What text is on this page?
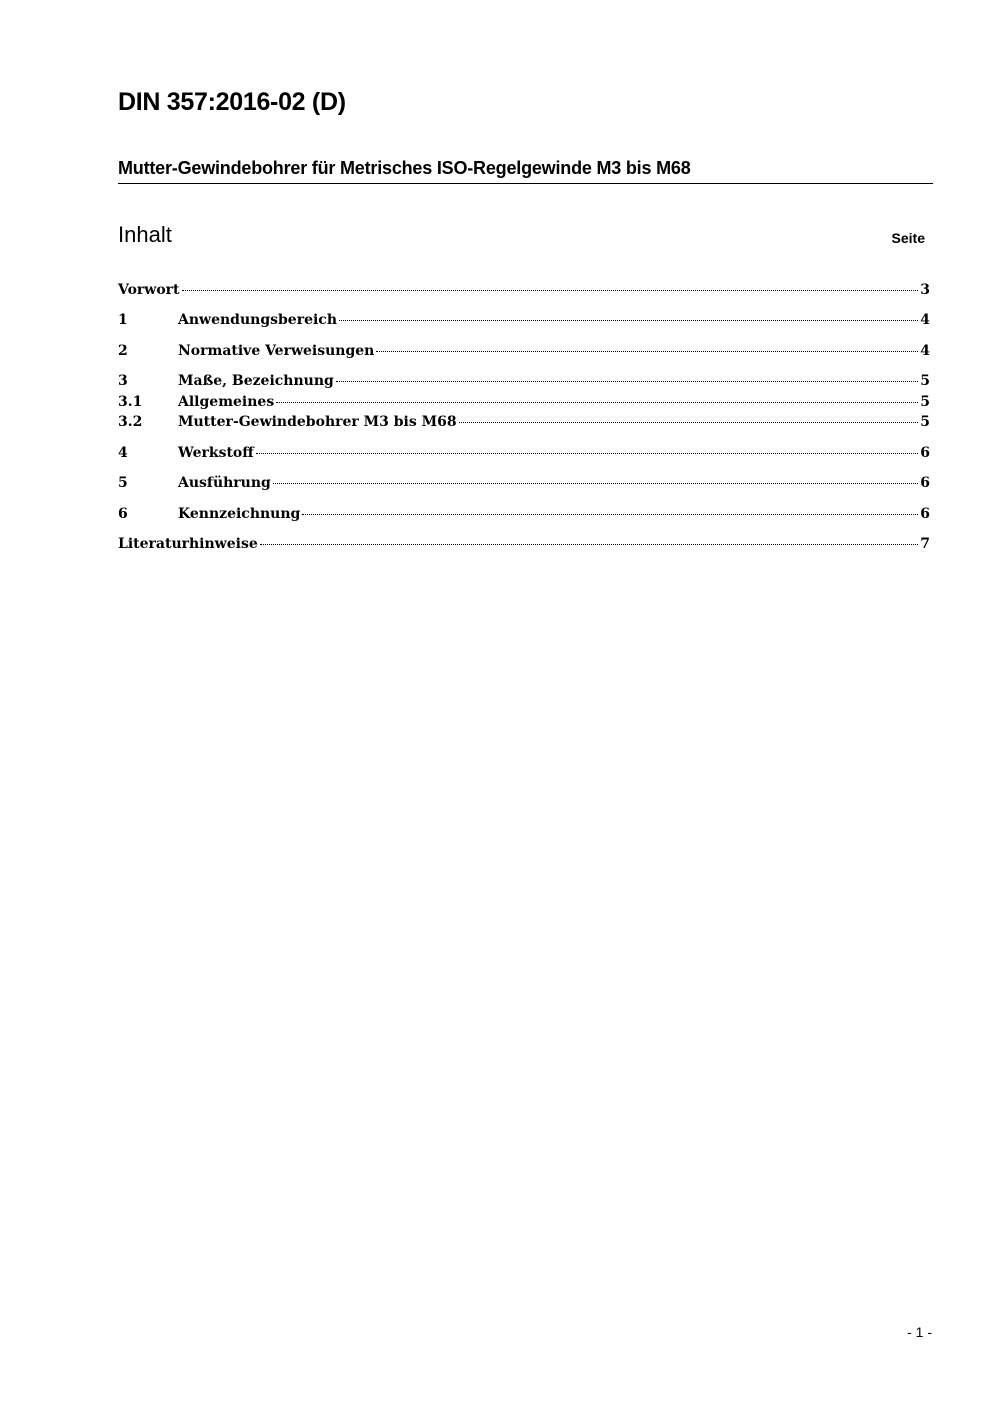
DIN 357:2016-02 (D)
Mutter-Gewindebohrer für Metrisches ISO-Regelgewinde M3 bis M68
Inhalt	Seite
Vorwort	3
1	Anwendungsbereich	4
2	Normative Verweisungen	4
3	Maße, Bezeichnung	5
3.1	Allgemeines	5
3.2	Mutter-Gewindebohrer M3 bis M68	5
4	Werkstoff	6
5	Ausführung	6
6	Kennzeichnung	6
Literaturhinweise	7
- 1 -
